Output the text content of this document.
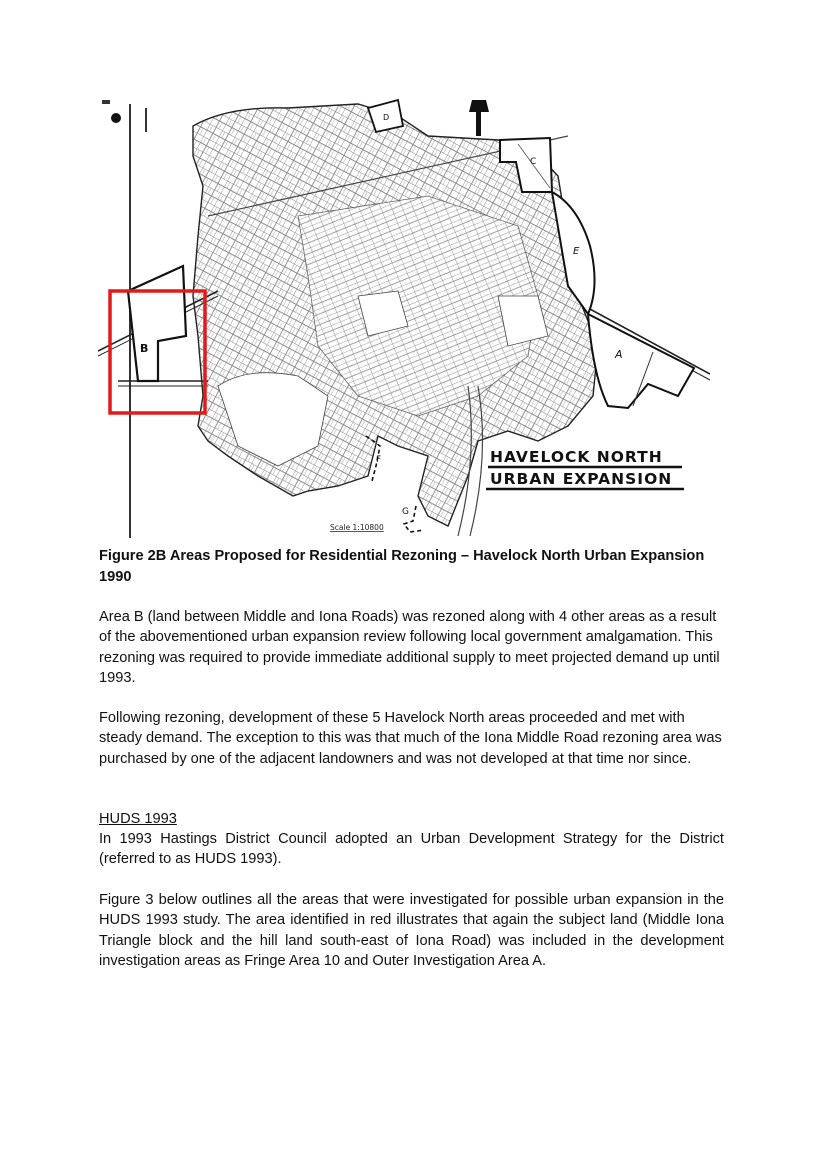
B
D
C
E
A
F
G
Scale 1:10800
HAVELOCK NORTH
URBAN EXPANSION
Figure 2B Areas Proposed for Residential Rezoning – Havelock North Urban Expansion
1990

Area B (land between Middle and Iona Roads) was rezoned along with 4 other areas as a result of the abovementioned urban expansion review following local government amalgamation. This rezoning was required to provide immediate additional supply to meet projected demand up until 1993.

Following rezoning, development of these 5 Havelock North areas proceeded and met with steady demand. The exception to this was that much of the Iona Middle Road rezoning area was purchased by one of the adjacent landowners and was not developed at that time nor since.

HUDS 1993

In 1993 Hastings District Council adopted an Urban Development Strategy for the District (referred to as HUDS 1993).

Figure 3 below outlines all the areas that were investigated for possible urban expansion in the HUDS 1993 study. The area identified in red illustrates that again the subject land (Middle Iona Triangle block and the hill land south-east of Iona Road) was included in the development investigation areas as Fringe Area 10 and Outer Investigation Area A.
